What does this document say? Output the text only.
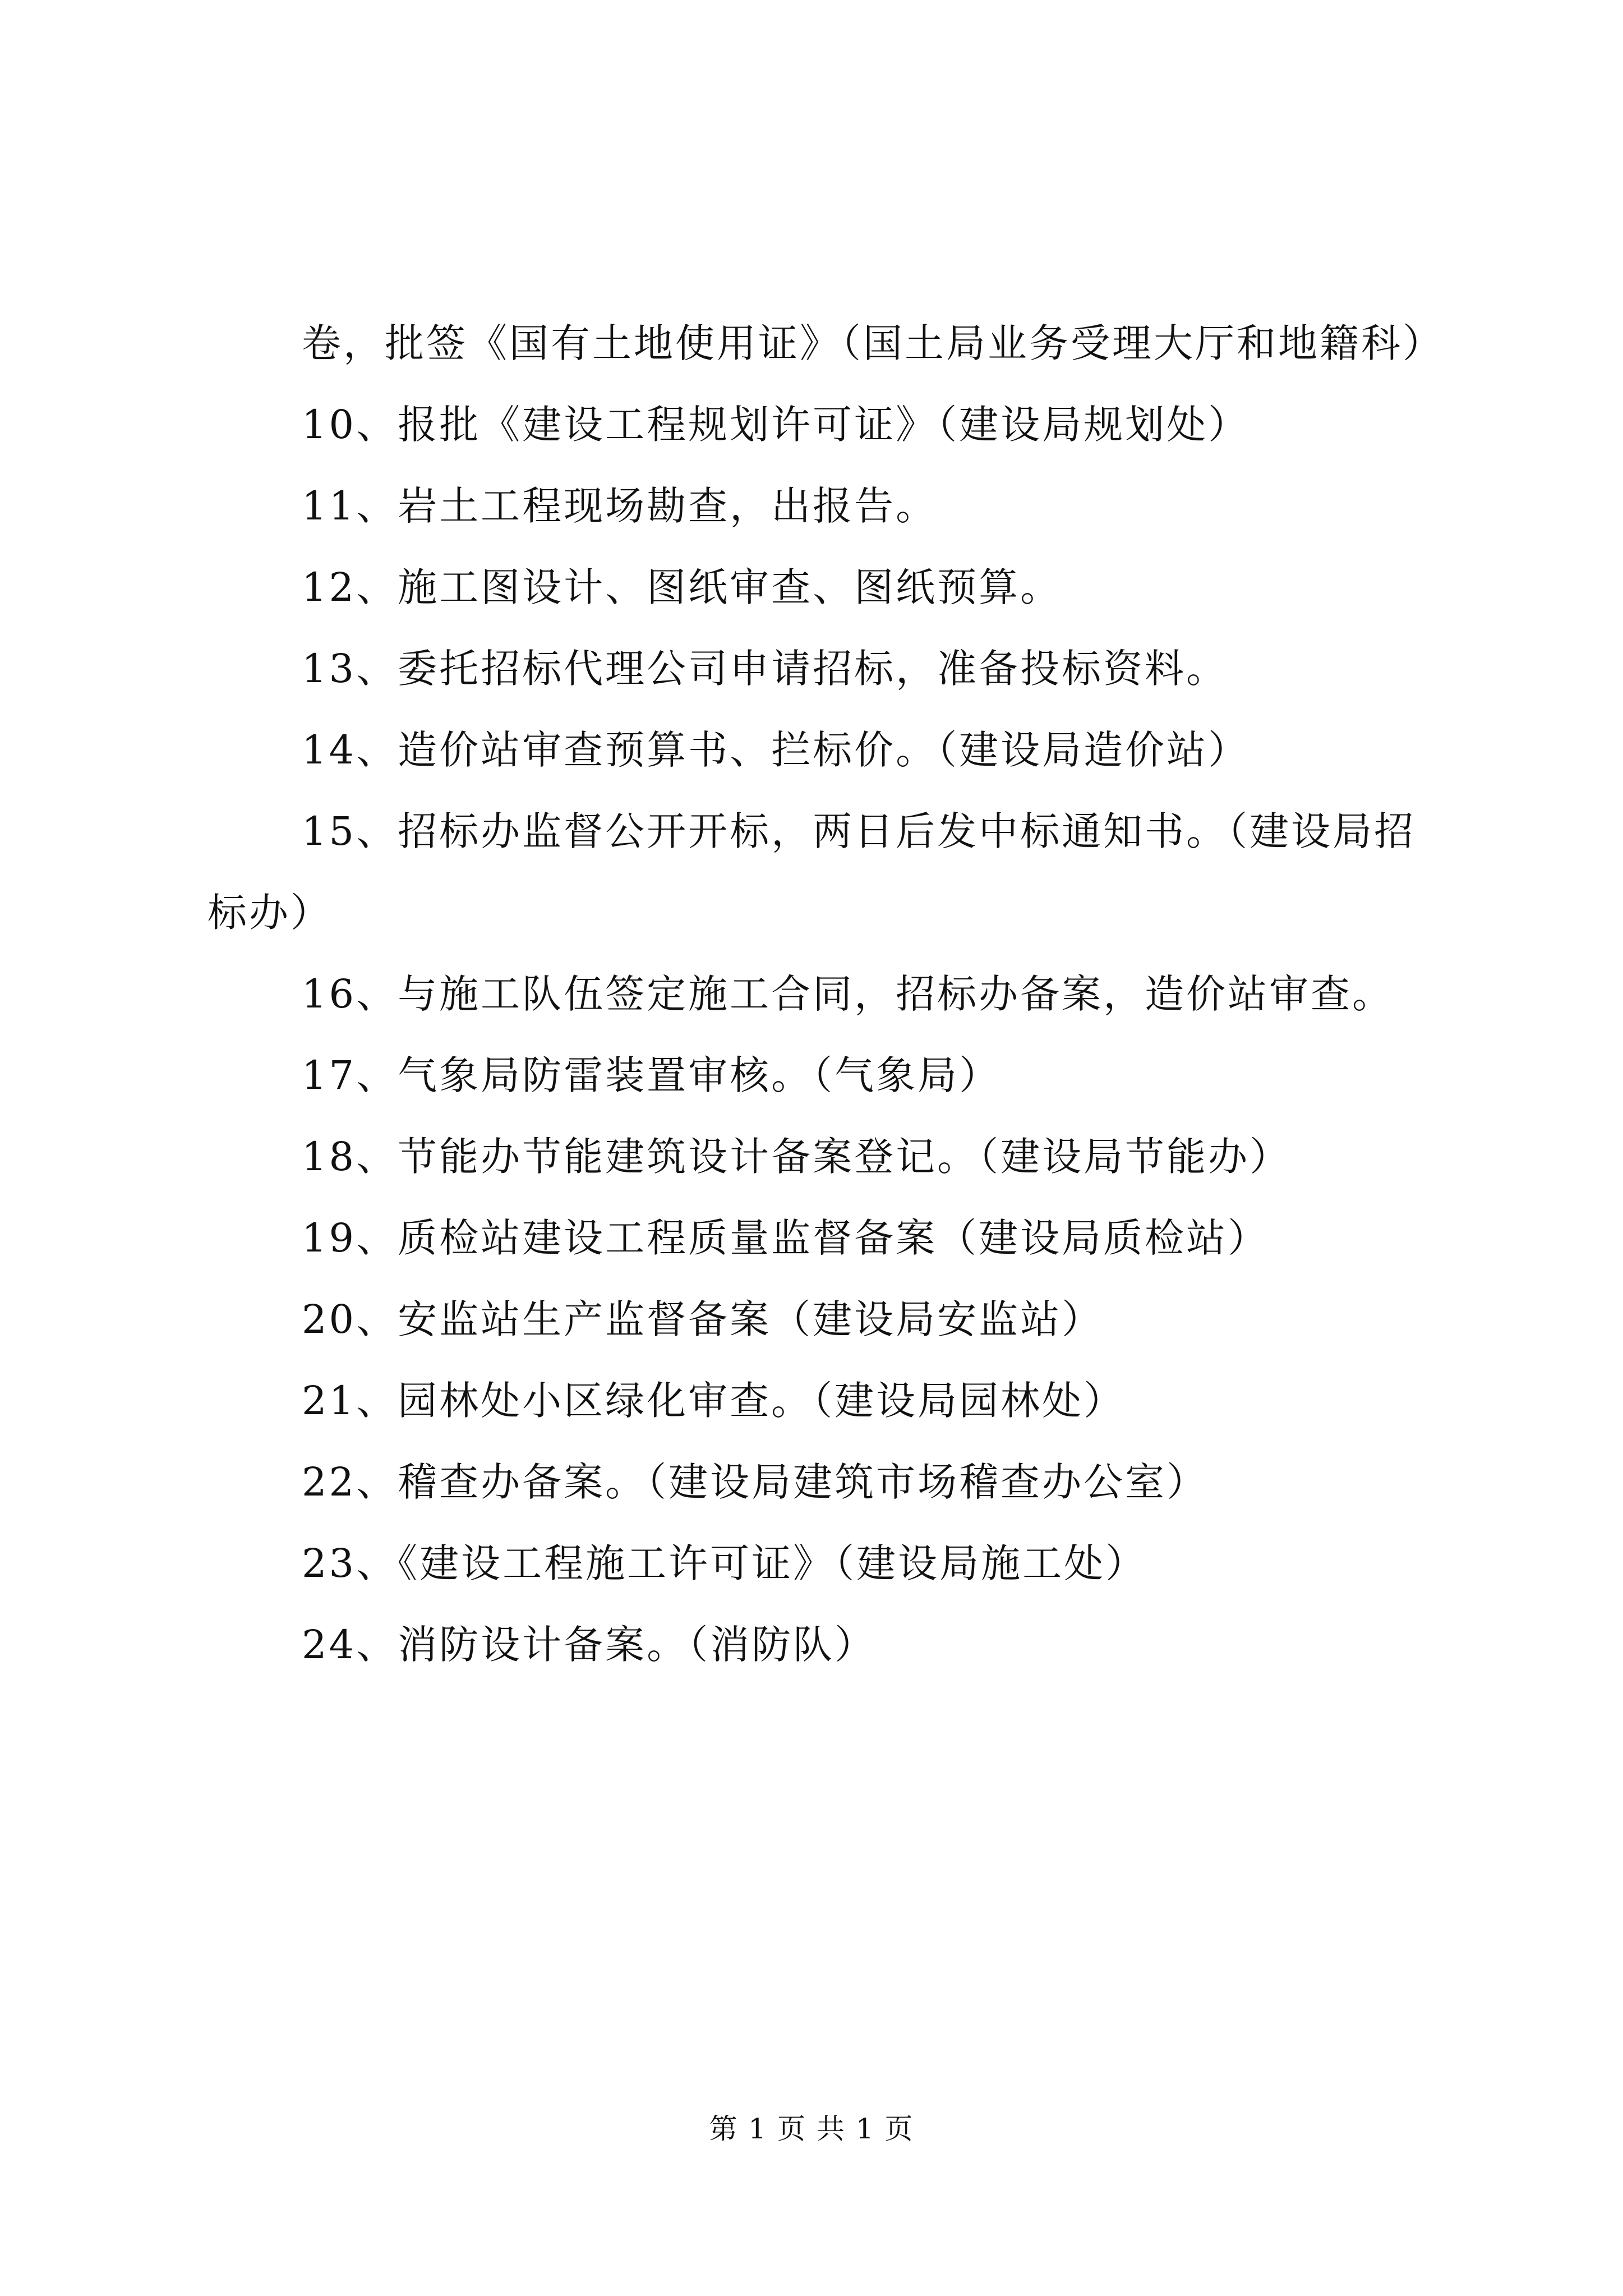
卷，批签《国有土地使用证》（国土局业务受理大厅和地籍科）

10、报批《建设工程规划许可证》（建设局规划处）

11、岩土工程现场勘查，出报告。

12、施工图设计、图纸审查、图纸预算。

13、委托招标代理公司申请招标，准备投标资料。

14、造价站审查预算书、拦标价。（建设局造价站）

15、招标办监督公开开标，两日后发中标通知书。（建设局招标办）

16、与施工队伍签定施工合同，招标办备案，造价站审查。

17、气象局防雷装置审核。（气象局）

18、节能办节能建筑设计备案登记。（建设局节能办）

19、质检站建设工程质量监督备案（建设局质检站）

20、安监站生产监督备案（建设局安监站）

21、园林处小区绿化审查。（建设局园林处）

22、稽查办备案。（建设局建筑市场稽查办公室）

23、《建设工程施工许可证》（建设局施工处）

24、消防设计备案。（消防队）

第 1 页 共 1 页
